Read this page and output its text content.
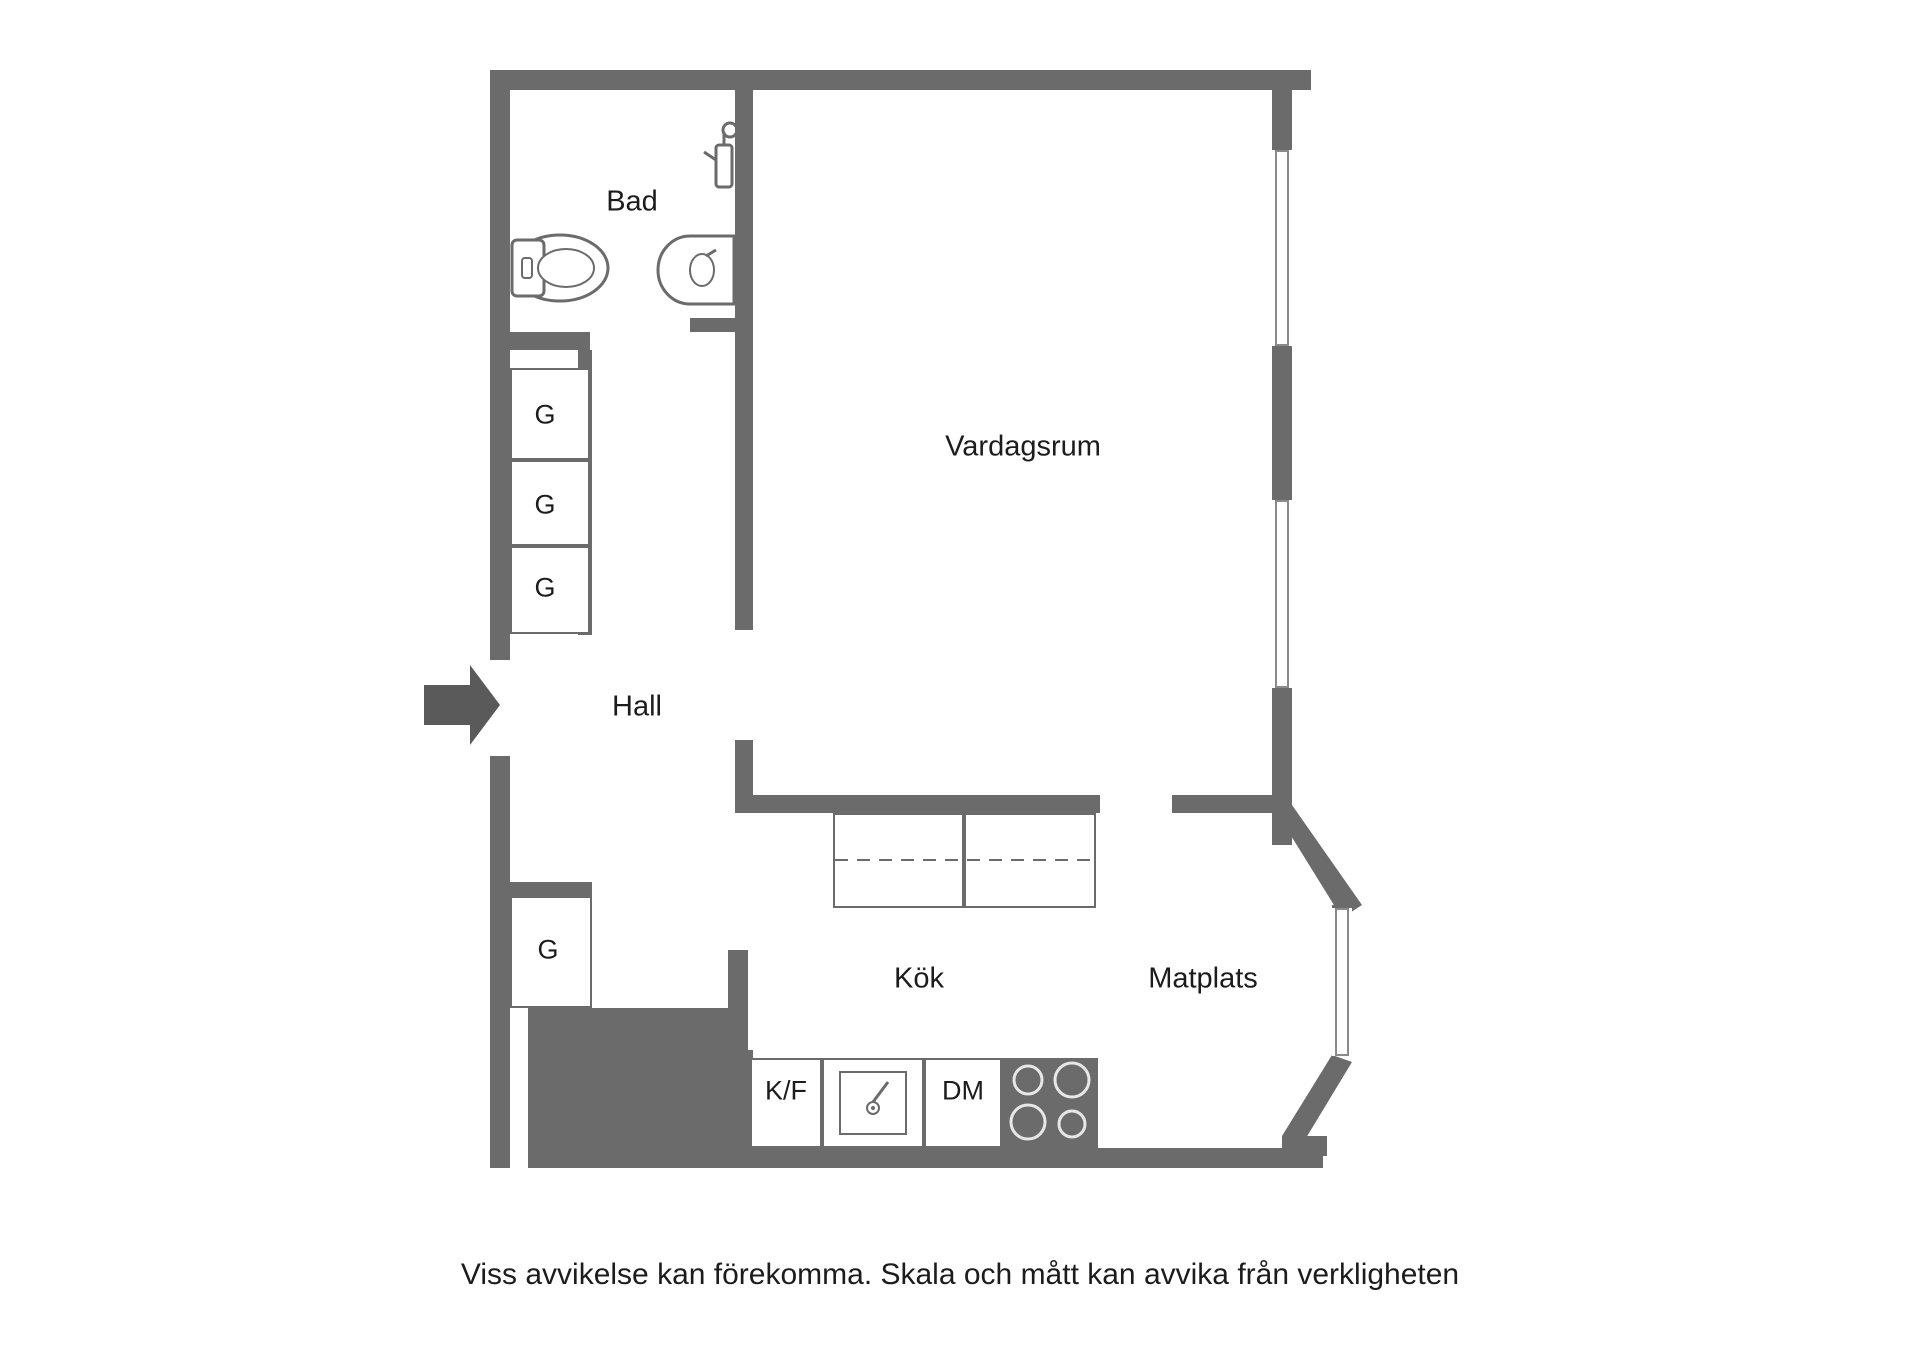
Bad
Vardagsrum
Hall
Kök	Matplats
G
G
G
G
K/F	DM
Viss avvikelse kan förekomma. Skala och mått kan avvika från verkligheten
